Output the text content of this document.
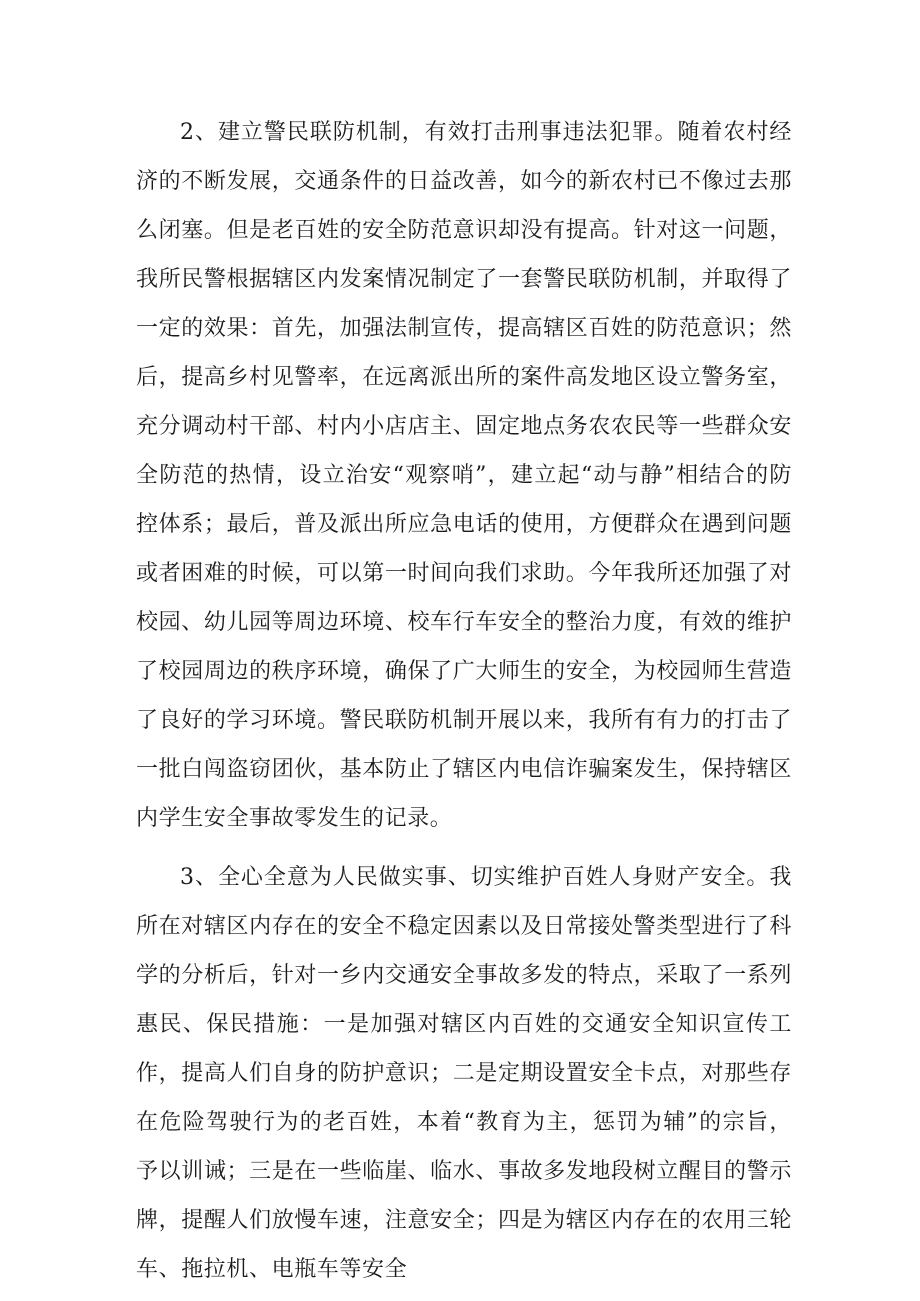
2、建立警民联防机制，有效打击刑事违法犯罪。随着农村经济的不断发展，交通条件的日益改善，如今的新农村已不像过去那么闭塞。但是老百姓的安全防范意识却没有提高。针对这一问题，我所民警根据辖区内发案情况制定了一套警民联防机制，并取得了一定的效果：首先，加强法制宣传，提高辖区百姓的防范意识；然后，提高乡村见警率，在远离派出所的案件高发地区设立警务室，充分调动村干部、村内小店店主、固定地点务农农民等一些群众安全防范的热情，设立治安“观察哨”，建立起“动与静”相结合的防控体系；最后，普及派出所应急电话的使用，方便群众在遇到问题或者困难的时候，可以第一时间向我们求助。今年我所还加强了对校园、幼儿园等周边环境、校车行车安全的整治力度，有效的维护了校园周边的秩序环境，确保了广大师生的安全，为校园师生营造了良好的学习环境。警民联防机制开展以来，我所有有力的打击了一批白闯盗窃团伙，基本防止了辖区内电信诈骗案发生，保持辖区内学生安全事故零发生的记录。

3、全心全意为人民做实事、切实维护百姓人身财产安全。我所在对辖区内存在的安全不稳定因素以及日常接处警类型进行了科学的分析后，针对一乡内交通安全事故多发的特点，采取了一系列惠民、保民措施：一是加强对辖区内百姓的交通安全知识宣传工作，提高人们自身的防护意识；二是定期设置安全卡点，对那些存在危险驾驶行为的老百姓，本着“教育为主，惩罚为辅”的宗旨，予以训诫；三是在一些临崖、临水、事故多发地段树立醒目的警示牌，提醒人们放慢车速，注意安全；四是为辖区内存在的农用三轮车、拖拉机、电瓶车等安全
